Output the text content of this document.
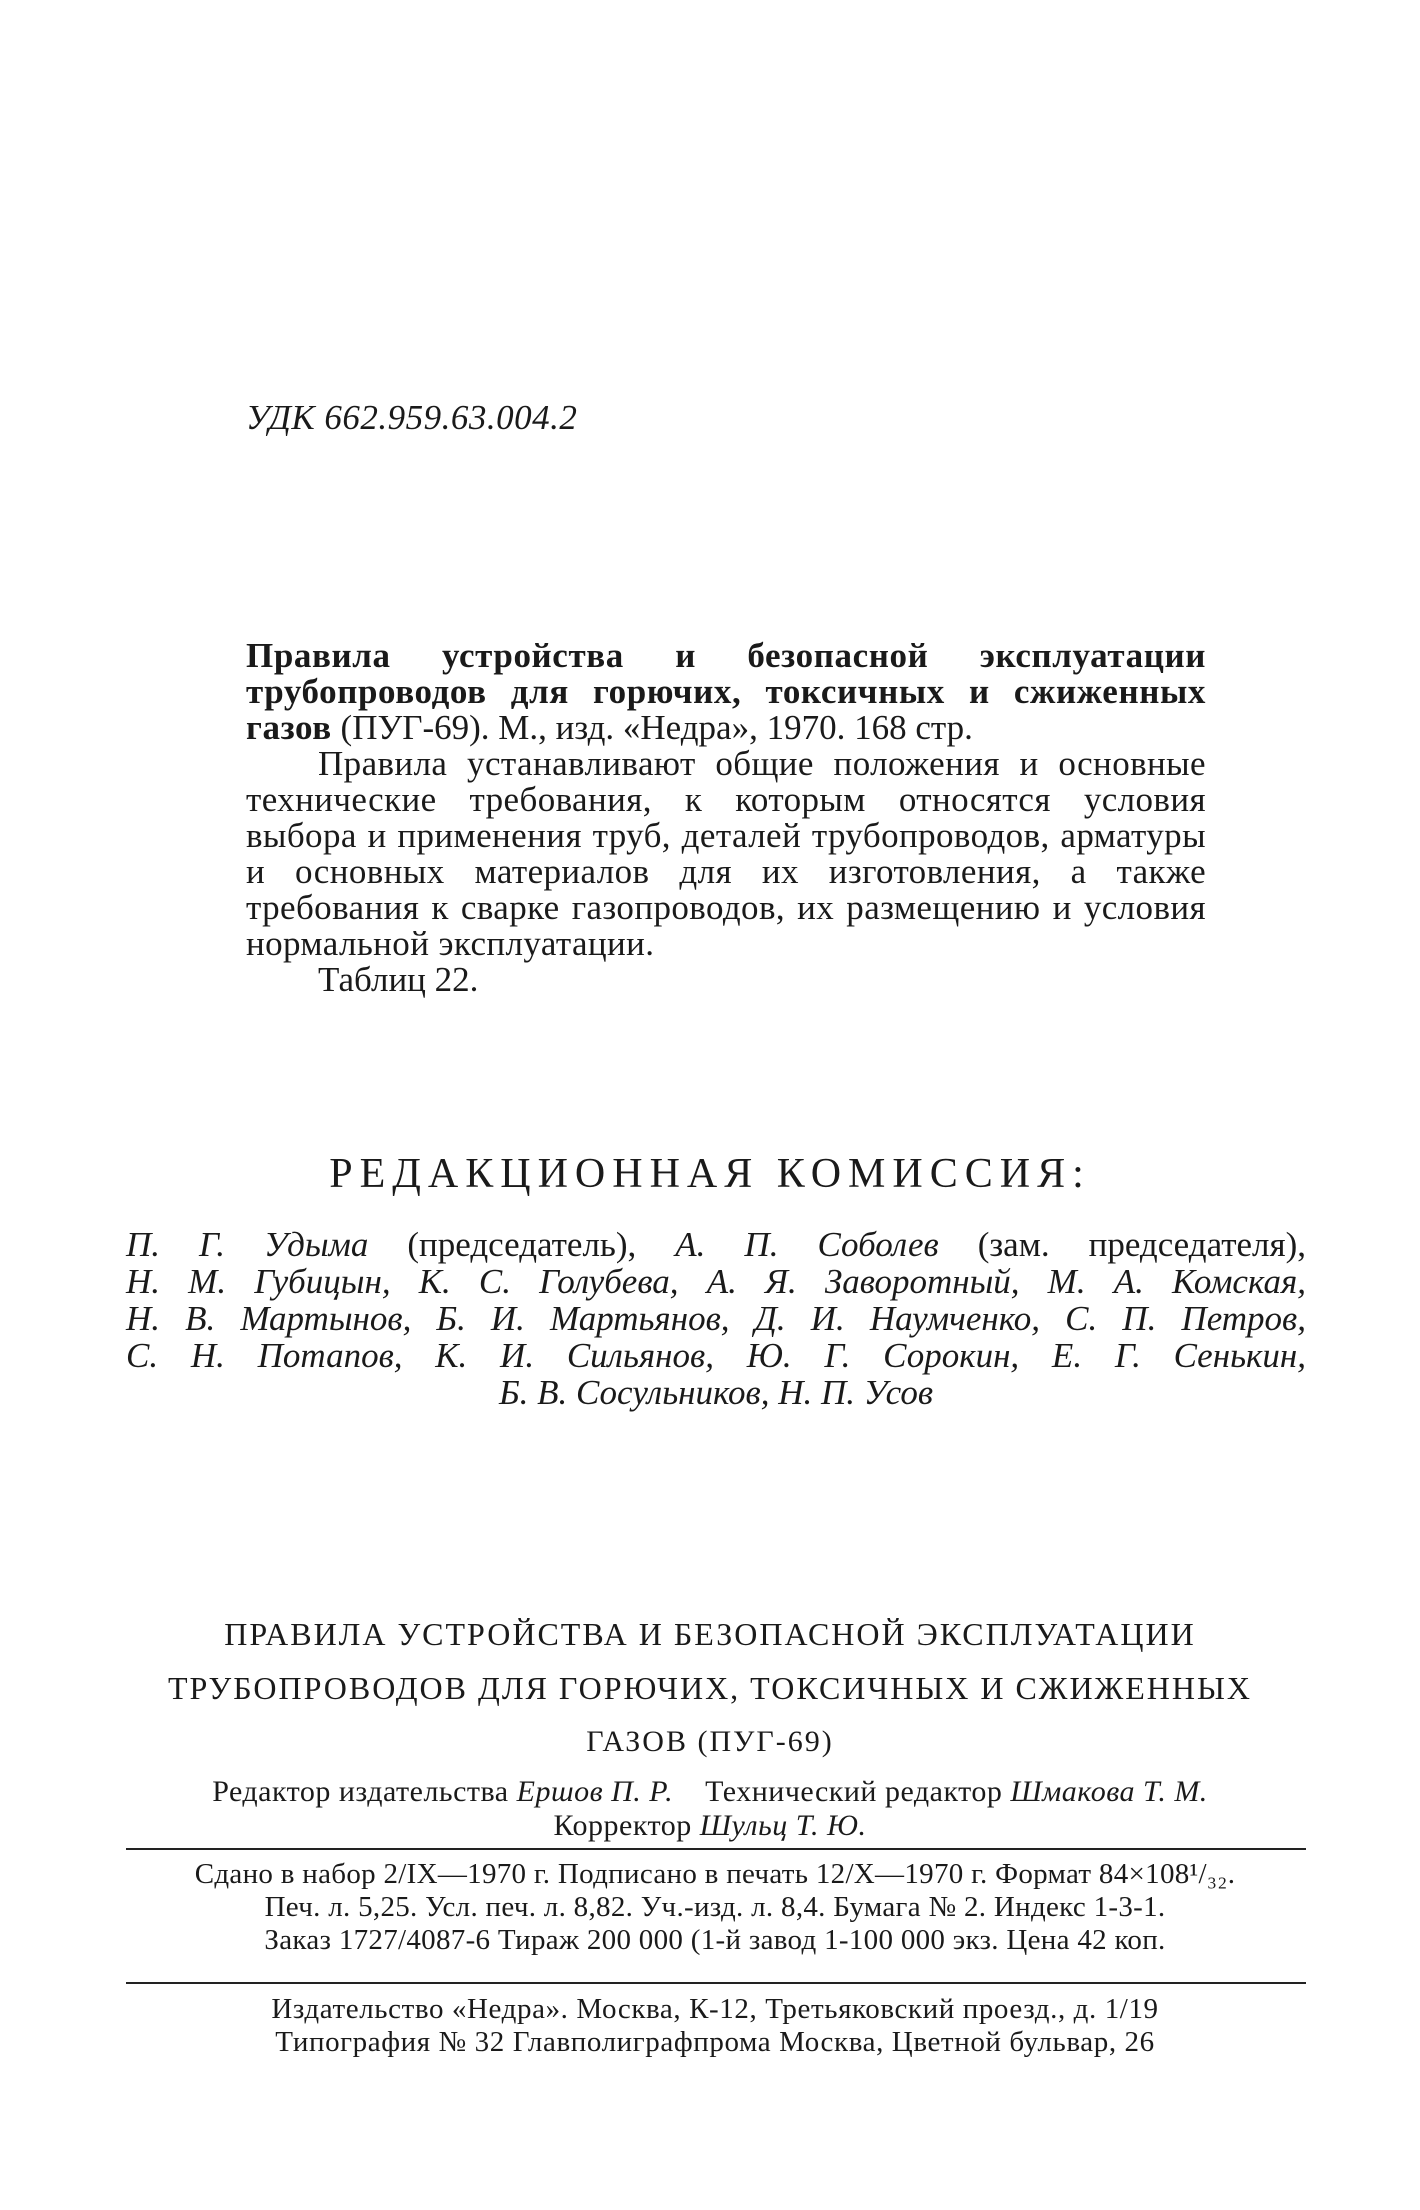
УДК 662.959.63.004.2

Правила устройства и безопасной эксплуатации трубопроводов для горючих, токсичных и сжиженных газов (ПУГ-69). М., изд. «Недра», 1970. 168 стр.

Правила устанавливают общие положения и основные технические требования, к которым относятся условия выбора и применения труб, деталей трубопроводов, арматуры и основных материалов для их изготовления, а также требования к сварке газопроводов, их размещению и условия нормальной эксплуатации.

Таблиц 22.

РЕДАКЦИОННАЯ КОМИССИЯ:

П. Г. Удыма (председатель), А. П. Соболев (зам. председателя),

Н. М. Губицын, К. С. Голубева, А. Я. Заворотный, М. А. Комская,

Н. В. Мартынов, Б. И. Мартьянов, Д. И. Наумченко, С. П. Петров,

С. Н. Потапов, К. И. Сильянов, Ю. Г. Сорокин, Е. Г. Сенькин,

Б. В. Сосульников, Н. П. Усов

ПРАВИЛА УСТРОЙСТВА И БЕЗОПАСНОЙ ЭКСПЛУАТАЦИИ

ТРУБОПРОВОДОВ ДЛЯ ГОРЮЧИХ, ТОКСИЧНЫХ И СЖИЖЕННЫХ

ГАЗОВ (ПУГ-69)

Редактор издательства Ершов П. Р. Технический редактор Шмакова Т. М.

Корректор Шульц Т. Ю.

Сдано в набор 2/IX—1970 г. Подписано в печать 12/X—1970 г. Формат 84×108¹/₃₂.

Печ. л. 5,25. Усл. печ. л. 8,82. Уч.-изд. л. 8,4. Бумага № 2. Индекс 1-3-1.

Заказ 1727/4087-6 Тираж 200 000 (1-й завод 1-100 000 экз. Цена 42 коп.

Издательство «Недра». Москва, К-12, Третьяковский проезд., д. 1/19

Типография № 32 Главполиграфпрома Москва, Цветной бульвар, 26
